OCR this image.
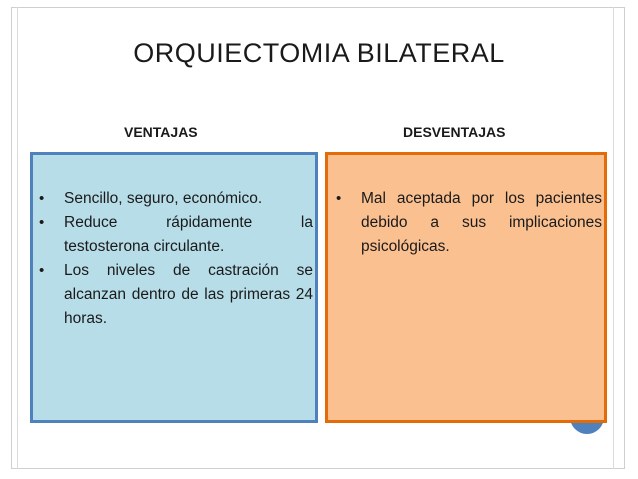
ORQUIECTOMIA BILATERAL
VENTAJAS	DESVENTAJAS
• Sencillo, seguro, económico.
• Reduce rápidamente la testosterona circulante.
• Los niveles de castración se alcanzan dentro de las primeras 24 horas.
• Mal aceptada por los pacientes debido a sus implicaciones psicológicas.
